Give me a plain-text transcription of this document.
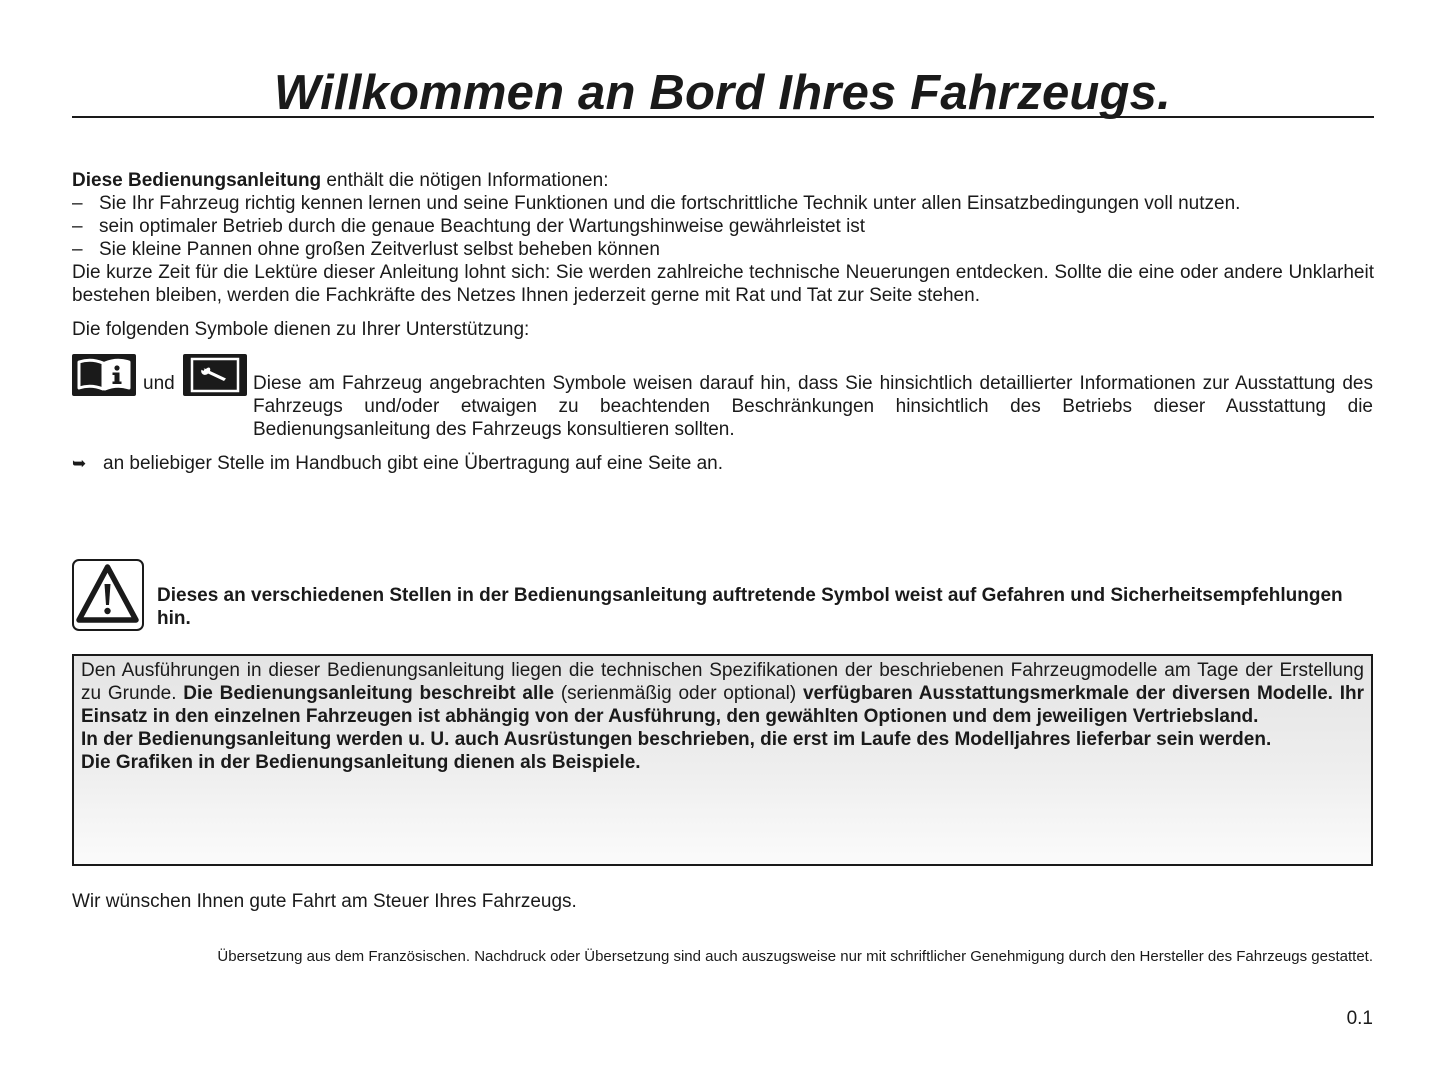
Willkommen an Bord Ihres Fahrzeugs.
Diese Bedienungsanleitung enthält die nötigen Informationen:
– Sie Ihr Fahrzeug richtig kennen lernen und seine Funktionen und die fortschrittliche Technik unter allen Einsatzbedingungen voll nutzen.
– sein optimaler Betrieb durch die genaue Beachtung der Wartungshinweise gewährleistet ist
– Sie kleine Pannen ohne großen Zeitverlust selbst beheben können
Die kurze Zeit für die Lektüre dieser Anleitung lohnt sich: Sie werden zahlreiche technische Neuerungen entdecken. Sollte die eine oder andere Unklarheit bestehen bleiben, werden die Fachkräfte des Netzes Ihnen jederzeit gerne mit Rat und Tat zur Seite stehen.
Die folgenden Symbole dienen zu Ihrer Unterstützung:
und	Diese am Fahrzeug angebrachten Symbole weisen darauf hin, dass Sie hinsichtlich detaillierter Informationen zur Ausstattung des Fahrzeugs und/oder etwaigen zu beachtenden Beschränkungen hinsichtlich des Betriebs dieser Ausstattung die Bedienungsanleitung des Fahrzeugs konsultieren sollten.
➥ an beliebiger Stelle im Handbuch gibt eine Übertragung auf eine Seite an.
Dieses an verschiedenen Stellen in der Bedienungsanleitung auftretende Symbol weist auf Gefahren und Sicherheitsempfehlungen hin.
Den Ausführungen in dieser Bedienungsanleitung liegen die technischen Spezifikationen der beschriebenen Fahrzeugmodelle am Tage der Erstellung zu Grunde. Die Bedienungsanleitung beschreibt alle (serienmäßig oder optional) verfügbaren Ausstattungsmerkmale der diversen Modelle. Ihr Einsatz in den einzelnen Fahrzeugen ist abhängig von der Ausführung, den gewählten Optionen und dem jeweiligen Vertriebsland.
In der Bedienungsanleitung werden u. U. auch Ausrüstungen beschrieben, die erst im Laufe des Modelljahres lieferbar sein werden.
Die Grafiken in der Bedienungsanleitung dienen als Beispiele.
Wir wünschen Ihnen gute Fahrt am Steuer Ihres Fahrzeugs.
Übersetzung aus dem Französischen. Nachdruck oder Übersetzung sind auch auszugsweise nur mit schriftlicher Genehmigung durch den Hersteller des Fahrzeugs gestattet.
0.1
